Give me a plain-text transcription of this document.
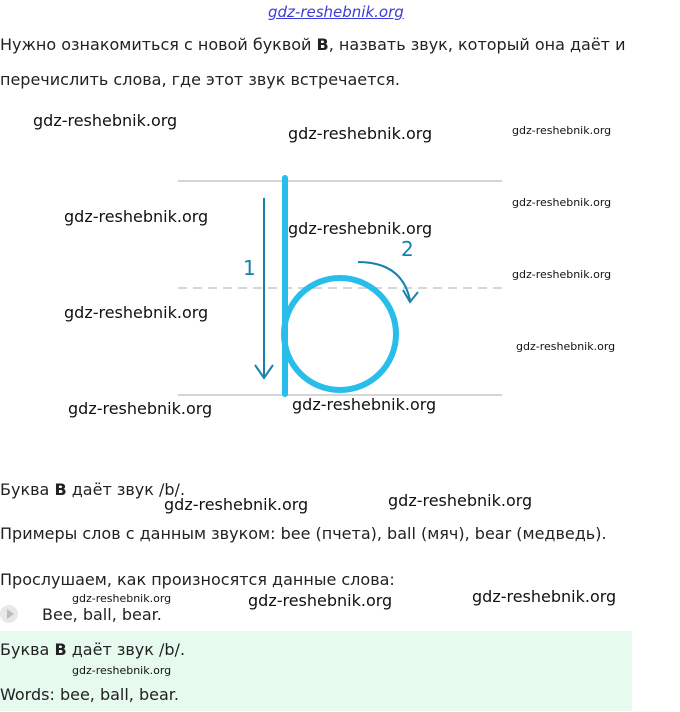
gdz-reshebnik.org
Нужно ознакомиться с новой буквой B, назвать звук, который она даёт и
перечислить слова, где этот звук встречается.
1
2
Буква B даёт звук /b/.
Примеры слов с данным звуком: bee (пчета), ball (мяч), bear (медведь).
Прослушаем, как произносятся данные слова:
Bee, ball, bear.
Буква B даёт звук /b/.
Words: bee, ball, bear.
gdz-reshebnik.org
gdz-reshebnik.org	gdz-reshebnik.org
gdz-reshebnik.org
gdz-reshebnik.org
gdz-reshebnik.org
gdz-reshebnik.org
gdz-reshebnik.org
gdz-reshebnik.org
gdz-reshebnik.org	gdz-reshebnik.org
gdz-reshebnik.org	gdz-reshebnik.org
gdz-reshebnik.org	gdz-reshebnik.org	gdz-reshebnik.org
gdz-reshebnik.org
